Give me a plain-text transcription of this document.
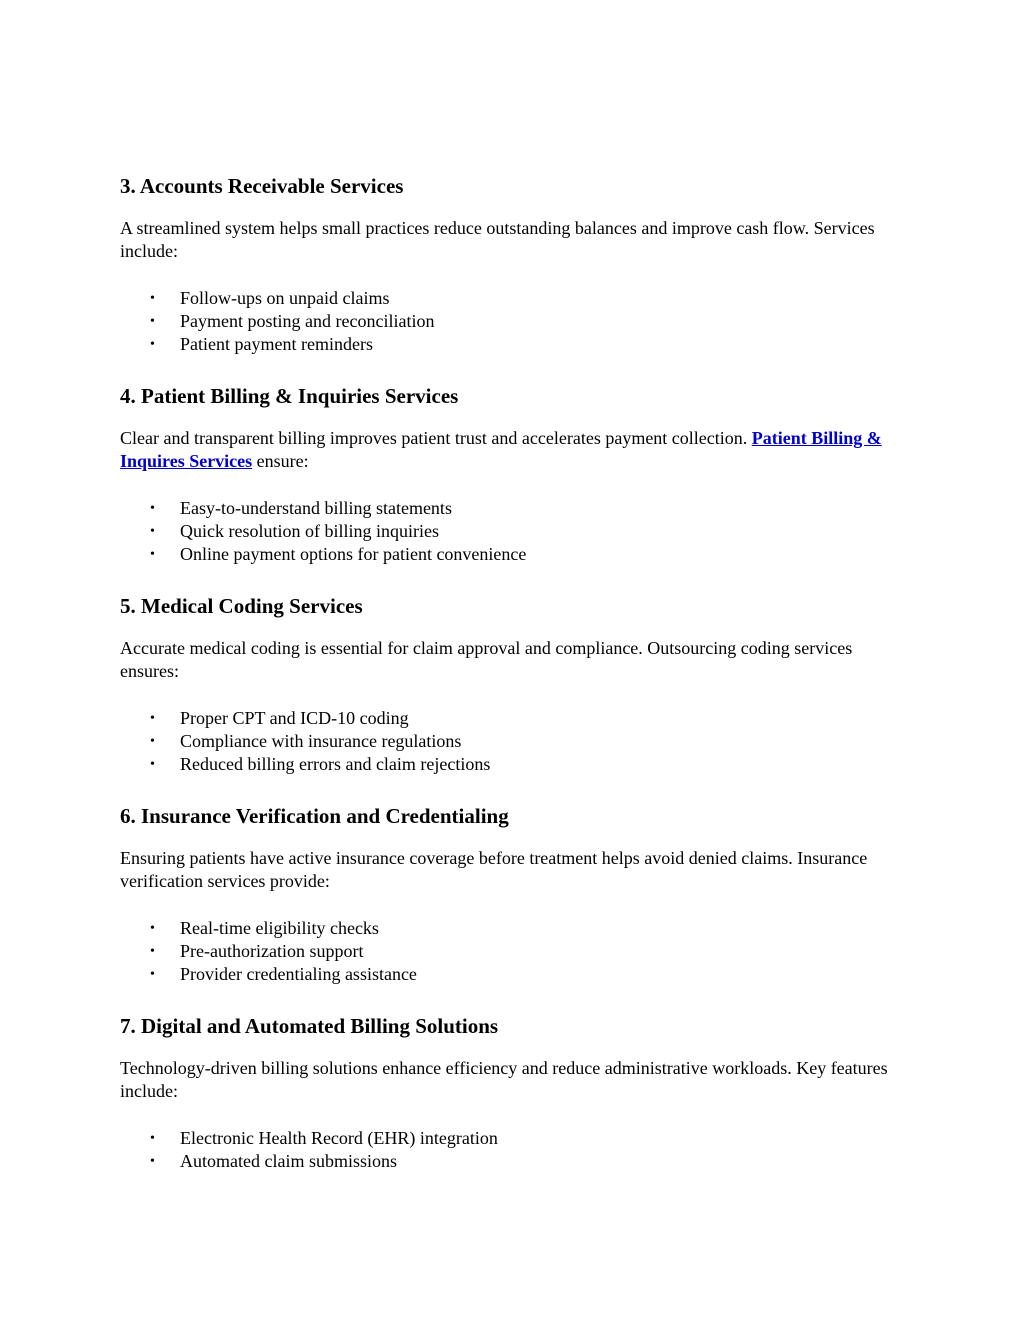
3. Accounts Receivable Services

A streamlined system helps small practices reduce outstanding balances and improve cash flow. Services include:

• Follow-ups on unpaid claims
• Payment posting and reconciliation
• Patient payment reminders
4. Patient Billing & Inquiries Services

Clear and transparent billing improves patient trust and accelerates payment collection. Patient Billing & Inquires Services ensure:

• Easy-to-understand billing statements
• Quick resolution of billing inquiries
• Online payment options for patient convenience
5. Medical Coding Services

Accurate medical coding is essential for claim approval and compliance. Outsourcing coding services ensures:

• Proper CPT and ICD-10 coding
• Compliance with insurance regulations
• Reduced billing errors and claim rejections
6. Insurance Verification and Credentialing

Ensuring patients have active insurance coverage before treatment helps avoid denied claims. Insurance verification services provide:

• Real-time eligibility checks
• Pre-authorization support
• Provider credentialing assistance
7. Digital and Automated Billing Solutions

Technology-driven billing solutions enhance efficiency and reduce administrative workloads. Key features include:

• Electronic Health Record (EHR) integration
• Automated claim submissions
